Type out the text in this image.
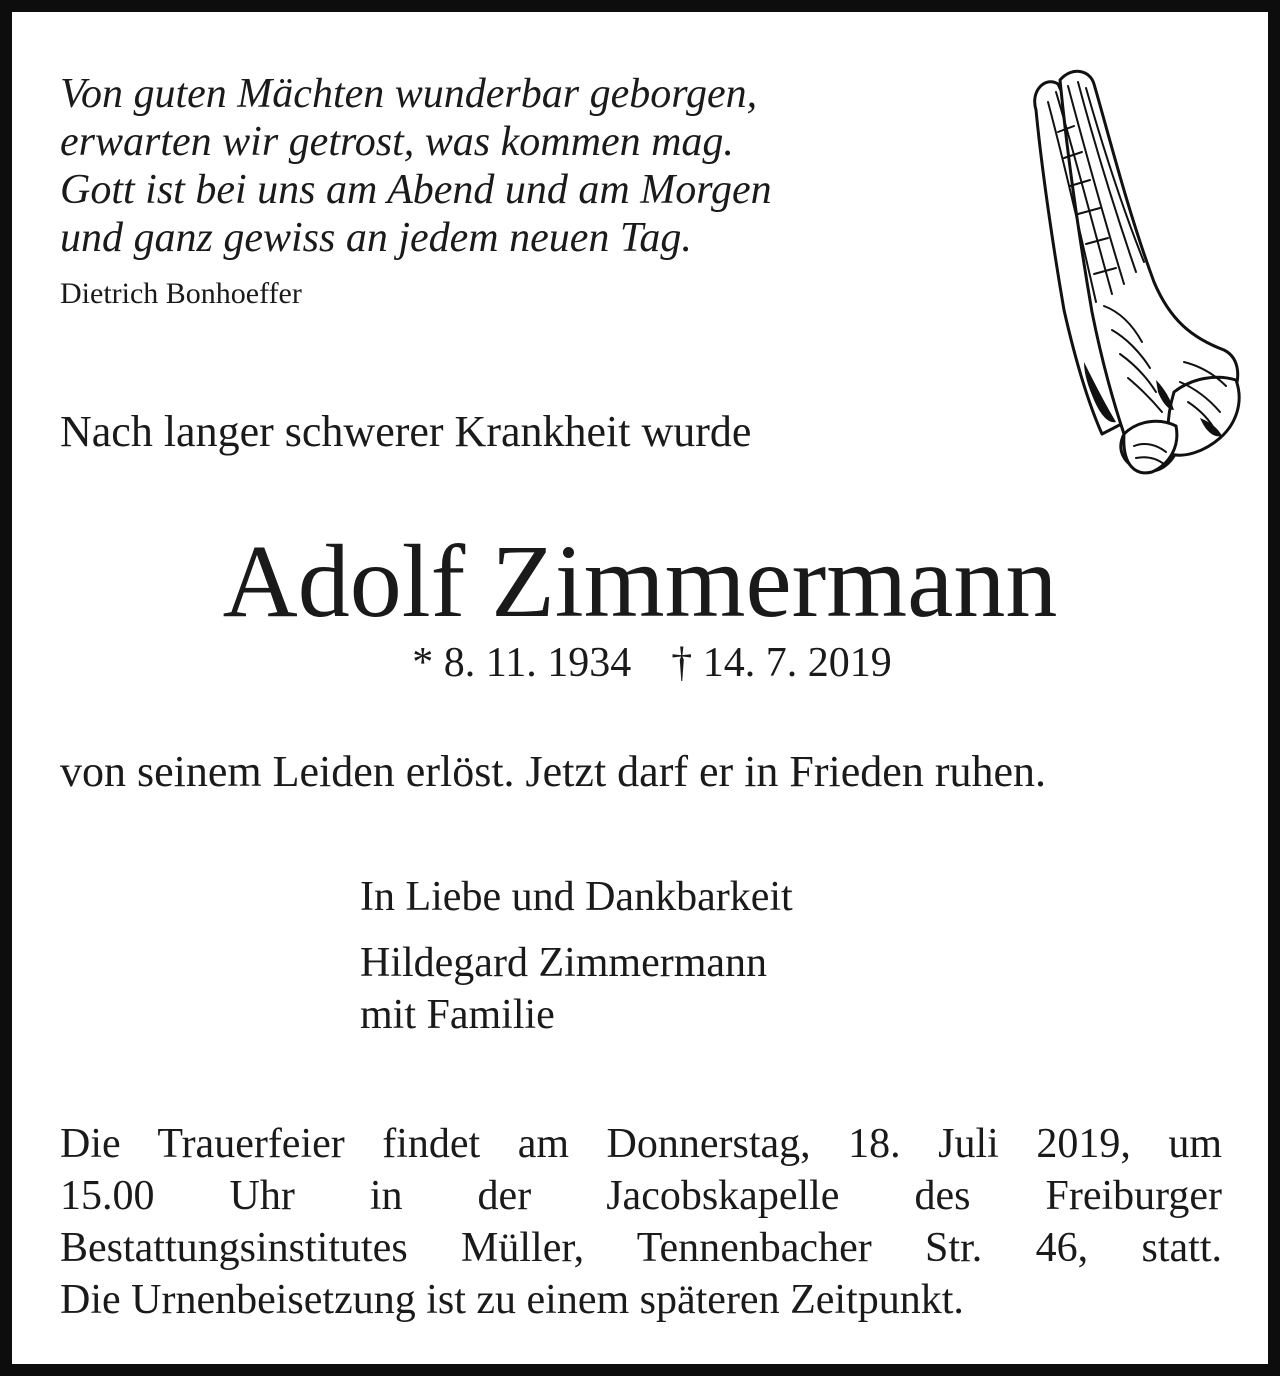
Von guten Mächten wunderbar geborgen,
erwarten wir getrost, was kommen mag.
Gott ist bei uns am Abend und am Morgen
und ganz gewiss an jedem neuen Tag.
Dietrich Bonhoeffer
Nach langer schwerer Krankheit wurde
Adolf Zimmermann
* 8. 11. 1934 † 14. 7. 2019
von seinem Leiden erlöst. Jetzt darf er in Frieden ruhen.
In Liebe und Dankbarkeit
Hildegard Zimmermann
mit Familie
Die Trauerfeier findet am Donnerstag, 18. Juli 2019, um
15.00 Uhr in der Jacobskapelle des Freiburger
Bestattungsinstitutes Müller, Tennenbacher Str. 46, statt.
Die Urnenbeisetzung ist zu einem späteren Zeitpunkt.
